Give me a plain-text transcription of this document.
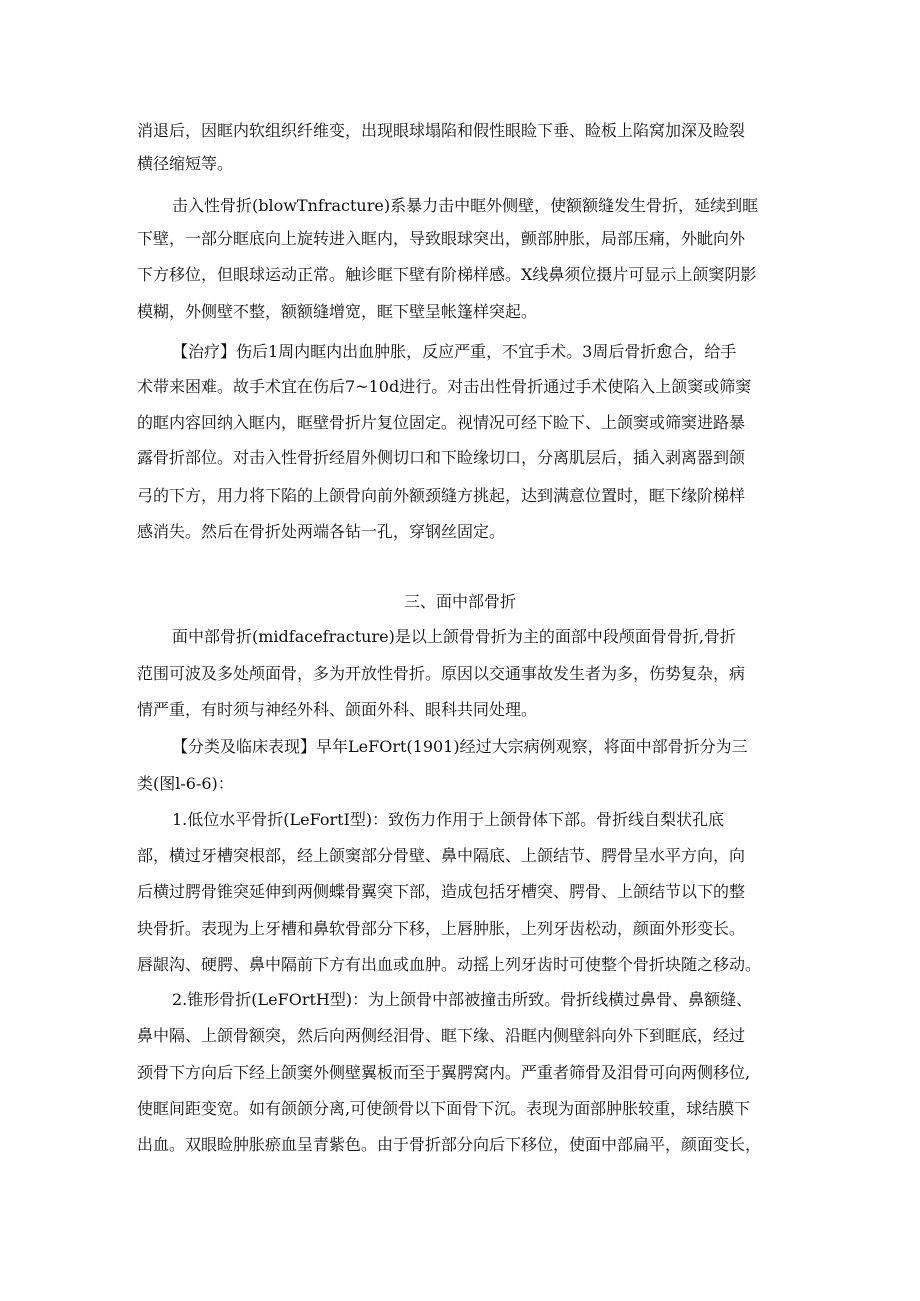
消退后，因眶内软组织纤维变，出现眼球塌陷和假性眼睑下垂、睑板上陷窝加深及睑裂
横径缩短等。
击入性骨折(blowTnfracture)系暴力击中眶外侧壁，使额额缝发生骨折，延续到眶
下壁，一部分眶底向上旋转进入眶内，导致眼球突出，颤部肿胀，局部压痛，外眦向外
下方移位，但眼球运动正常。触诊眶下壁有阶梯样感。X线鼻须位摄片可显示上颌窦阴影
模糊，外侧壁不整，额额缝增宽，眶下壁呈帐篷样突起。
【治疗】伤后1周内眶内出血肿胀，反应严重，不宜手术。3周后骨折愈合，给手
术带来困难。故手术宜在伤后7~10d进行。对击出性骨折通过手术使陷入上颌窦或筛窦
的眶内容回纳入眶内，眶壁骨折片复位固定。视情况可经下睑下、上颌窦或筛窦进路暴
露骨折部位。对击入性骨折经眉外侧切口和下睑缘切口，分离肌层后，插入剥离器到颌
弓的下方，用力将下陷的上颌骨向前外额颈缝方挑起，达到满意位置时，眶下缘阶梯样
感消失。然后在骨折处两端各钻一孔，穿钢丝固定。
三、面中部骨折
面中部骨折(midfacefracture)是以上颌骨骨折为主的面部中段颅面骨骨折,骨折
范围可波及多处颅面骨，多为开放性骨折。原因以交通事故发生者为多，伤势复杂，病
情严重，有时须与神经外科、颌面外科、眼科共同处理。
【分类及临床表现】早年LeFOrt(1901)经过大宗病例观察，将面中部骨折分为三
类(图l-6-6)：
1.低位水平骨折(LeFortI型)：致伤力作用于上颌骨体下部。骨折线自梨状孔底
部，横过牙槽突根部，经上颌窦部分骨壁、鼻中隔底、上颌结节、腭骨呈水平方向，向
后横过腭骨锥突延伸到两侧蝶骨翼突下部，造成包括牙槽突、腭骨、上颌结节以下的整
块骨折。表现为上牙槽和鼻软骨部分下移，上唇肿胀，上列牙齿松动，颜面外形变长。
唇龈沟、硬腭、鼻中隔前下方有出血或血肿。动摇上列牙齿时可使整个骨折块随之移动。
2.锥形骨折(LeFOrtH型)：为上颌骨中部被撞击所致。骨折线横过鼻骨、鼻额缝、
鼻中隔、上颌骨额突，然后向两侧经泪骨、眶下缘、沿眶内侧壁斜向外下到眶底，经过
颈骨下方向后下经上颌窦外侧壁翼板而至于翼腭窝内。严重者筛骨及泪骨可向两侧移位,
使眶间距变宽。如有颌颌分离,可使颌骨以下面骨下沉。表现为面部肿胀较重，球结膜下
出血。双眼睑肿胀瘀血呈青紫色。由于骨折部分向后下移位，使面中部扁平，颜面变长，
